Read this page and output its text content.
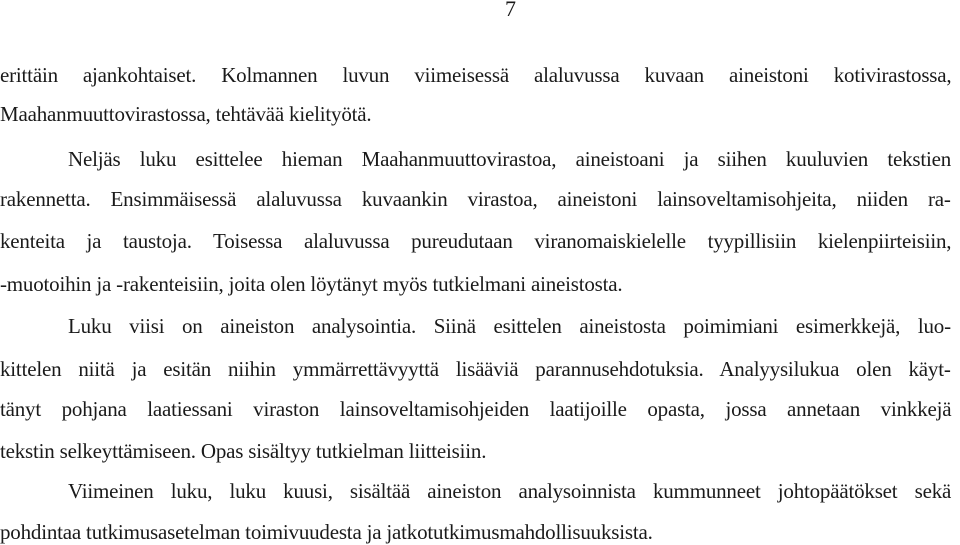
7
erittäin ajankohtaiset. Kolmannen luvun viimeisessä alaluvussa kuvaan aineistoni kotivirastossa,
Maahanmuuttovirastossa, tehtävää kielityötä.
Neljäs luku esittelee hieman Maahanmuuttovirastoa, aineistoani ja siihen kuuluvien tekstien
rakennetta. Ensimmäisessä alaluvussa kuvaankin virastoa, aineistoni lainsoveltamisohjeita, niiden ra-
kenteita ja taustoja. Toisessa alaluvussa pureudutaan viranomaiskielelle tyypillisiin kielenpiirteisiin,
-muotoihin ja -rakenteisiin, joita olen löytänyt myös tutkielmani aineistosta.
Luku viisi on aineiston analysointia. Siinä esittelen aineistosta poimimiani esimerkkejä, luo-
kittelen niitä ja esitän niihin ymmärrettävyyttä lisääviä parannusehdotuksia. Analyysilukua olen käyt-
tänyt pohjana laatiessani viraston lainsoveltamisohjeiden laatijoille opasta, jossa annetaan vinkkejä
tekstin selkeyttämiseen. Opas sisältyy tutkielman liitteisiin.
Viimeinen luku, luku kuusi, sisältää aineiston analysoinnista kummunneet johtopäätökset sekä
pohdintaa tutkimusasetelman toimivuudesta ja jatkotutkimusmahdollisuuksista.
